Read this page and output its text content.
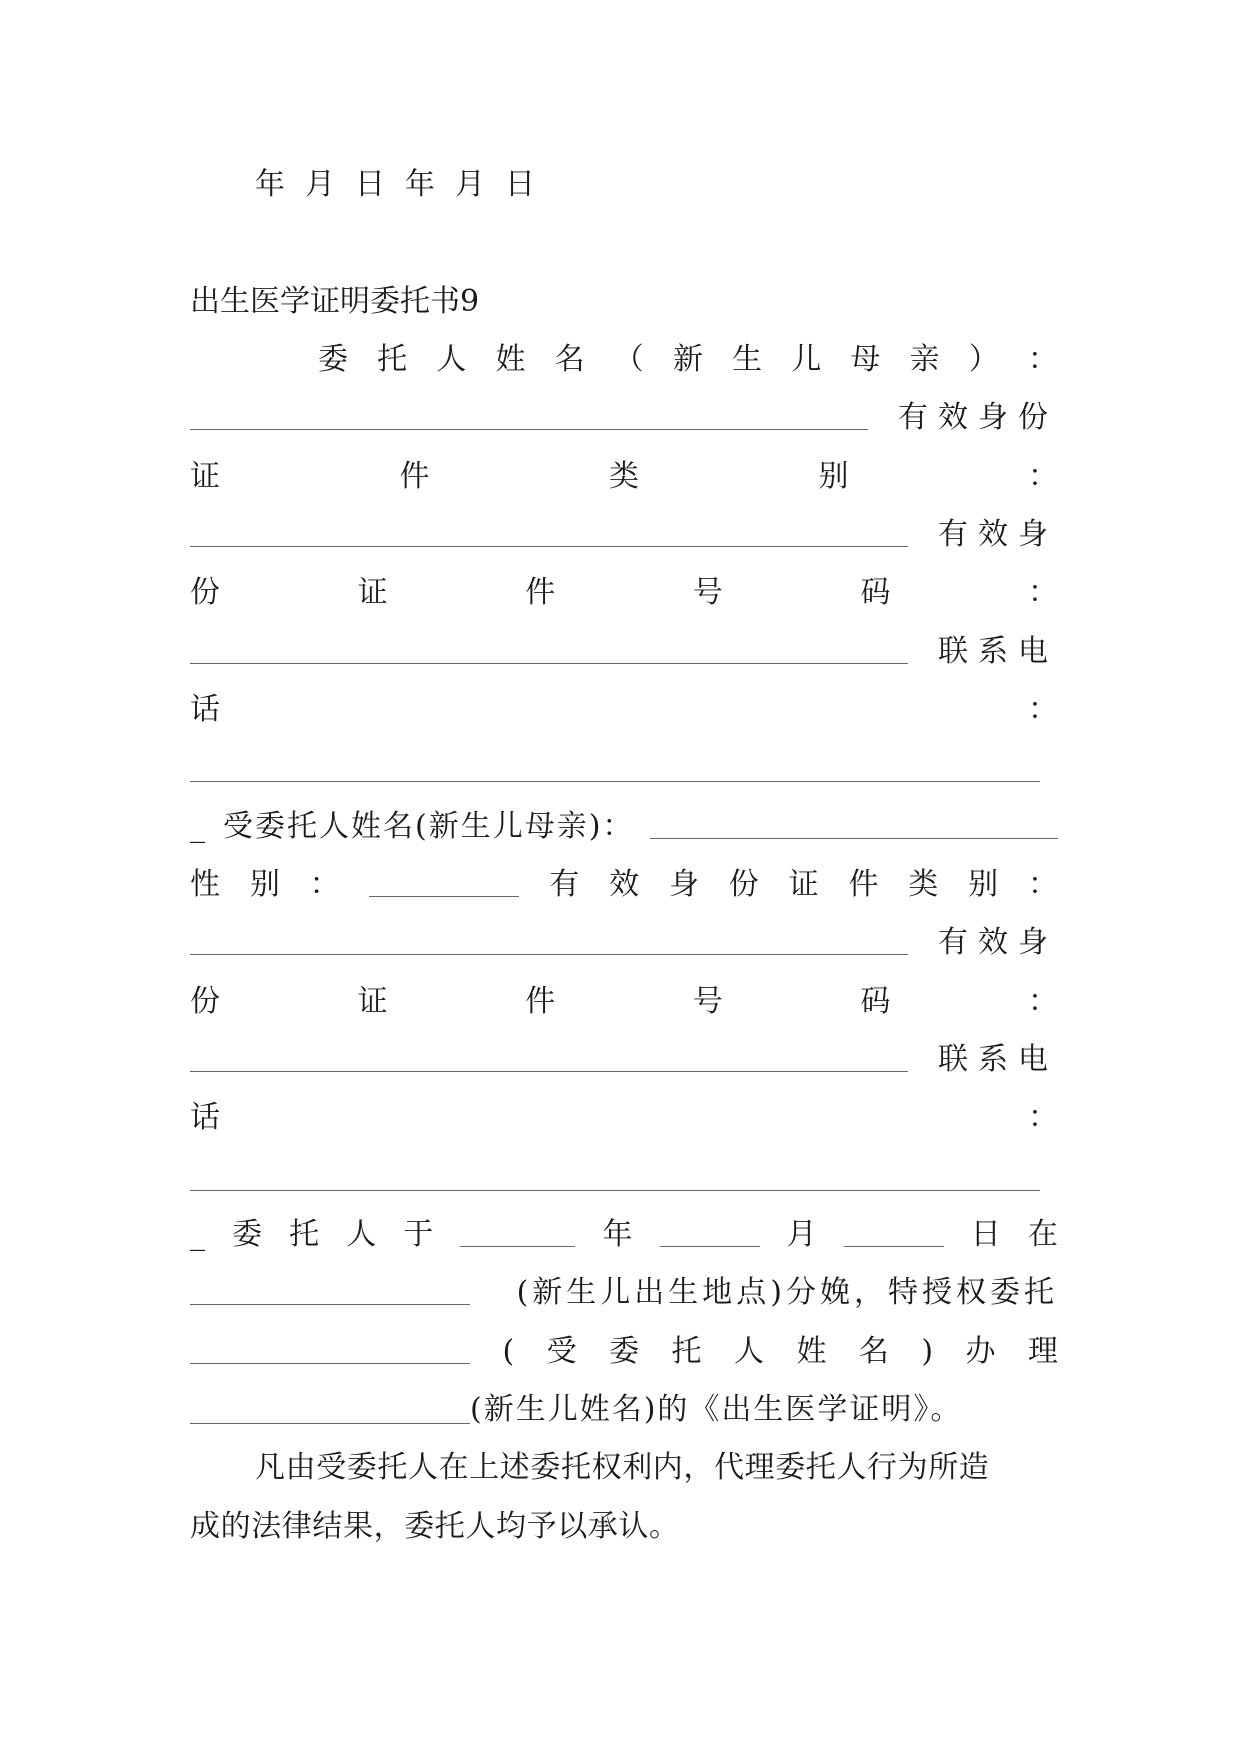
年 月 日 年 月 日
出生医学证明委托书9
委 托 人 姓 名 （ 新 生 儿 母 亲 ） ：
有效身份
证	件	类	别	：
有效身
份	证	件	号	码	：
联系电
话	：
_ 受委托人姓名(新生儿母亲)：
性 别 ：	有 效 身 份 证 件 类 别 ：
有效身
份	证	件	号	码	：
联系电
话	：
_ 委 托 人 于	年	月	日 在
(新生儿出生地点)分娩，特授权委托
( 受 委 托 人 姓 名 ) 办 理
(新生儿姓名)的《出生医学证明》。
凡由受委托人在上述委托权利内，代理委托人行为所造
成的法律结果，委托人均予以承认。
